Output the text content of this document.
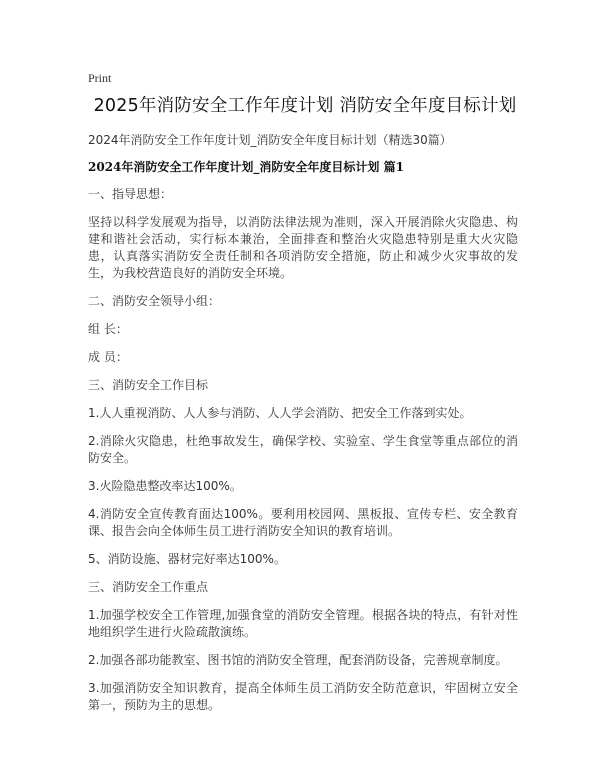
Print
2025年消防安全工作年度计划 消防安全年度目标计划

2024年消防安全工作年度计划_消防安全年度目标计划（精选30篇）

2024年消防安全工作年度计划_消防安全年度目标计划 篇1

一、指导思想：

坚持以科学发展观为指导，以消防法律法规为准则，深入开展消除火灾隐患、构建和谐社会活动，实行标本兼治，全面排查和整治火灾隐患特别是重大火灾隐患，认真落实消防安全责任制和各项消防安全措施，防止和减少火灾事故的发生，为我校营造良好的消防安全环境。

二、消防安全领导小组：

组 长：

成 员：

三、消防安全工作目标

1.人人重视消防、人人参与消防、人人学会消防、把安全工作落到实处。

2.消除火灾隐患，杜绝事故发生，确保学校、实验室、学生食堂等重点部位的消防安全。

3.火险隐患整改率达100%。

4.消防安全宣传教育面达100%。要利用校园网、黑板报、宣传专栏、安全教育课、报告会向全体师生员工进行消防安全知识的教育培训。

5、消防设施、器材完好率达100%。

三、消防安全工作重点

1.加强学校安全工作管理,加强食堂的消防安全管理。根据各块的特点，有针对性地组织学生进行火险疏散演练。

2.加强各部功能教室、图书馆的消防安全管理，配套消防设备，完善规章制度。

3.加强消防安全知识教育，提高全体师生员工消防安全防范意识，牢固树立安全第一，预防为主的思想。
